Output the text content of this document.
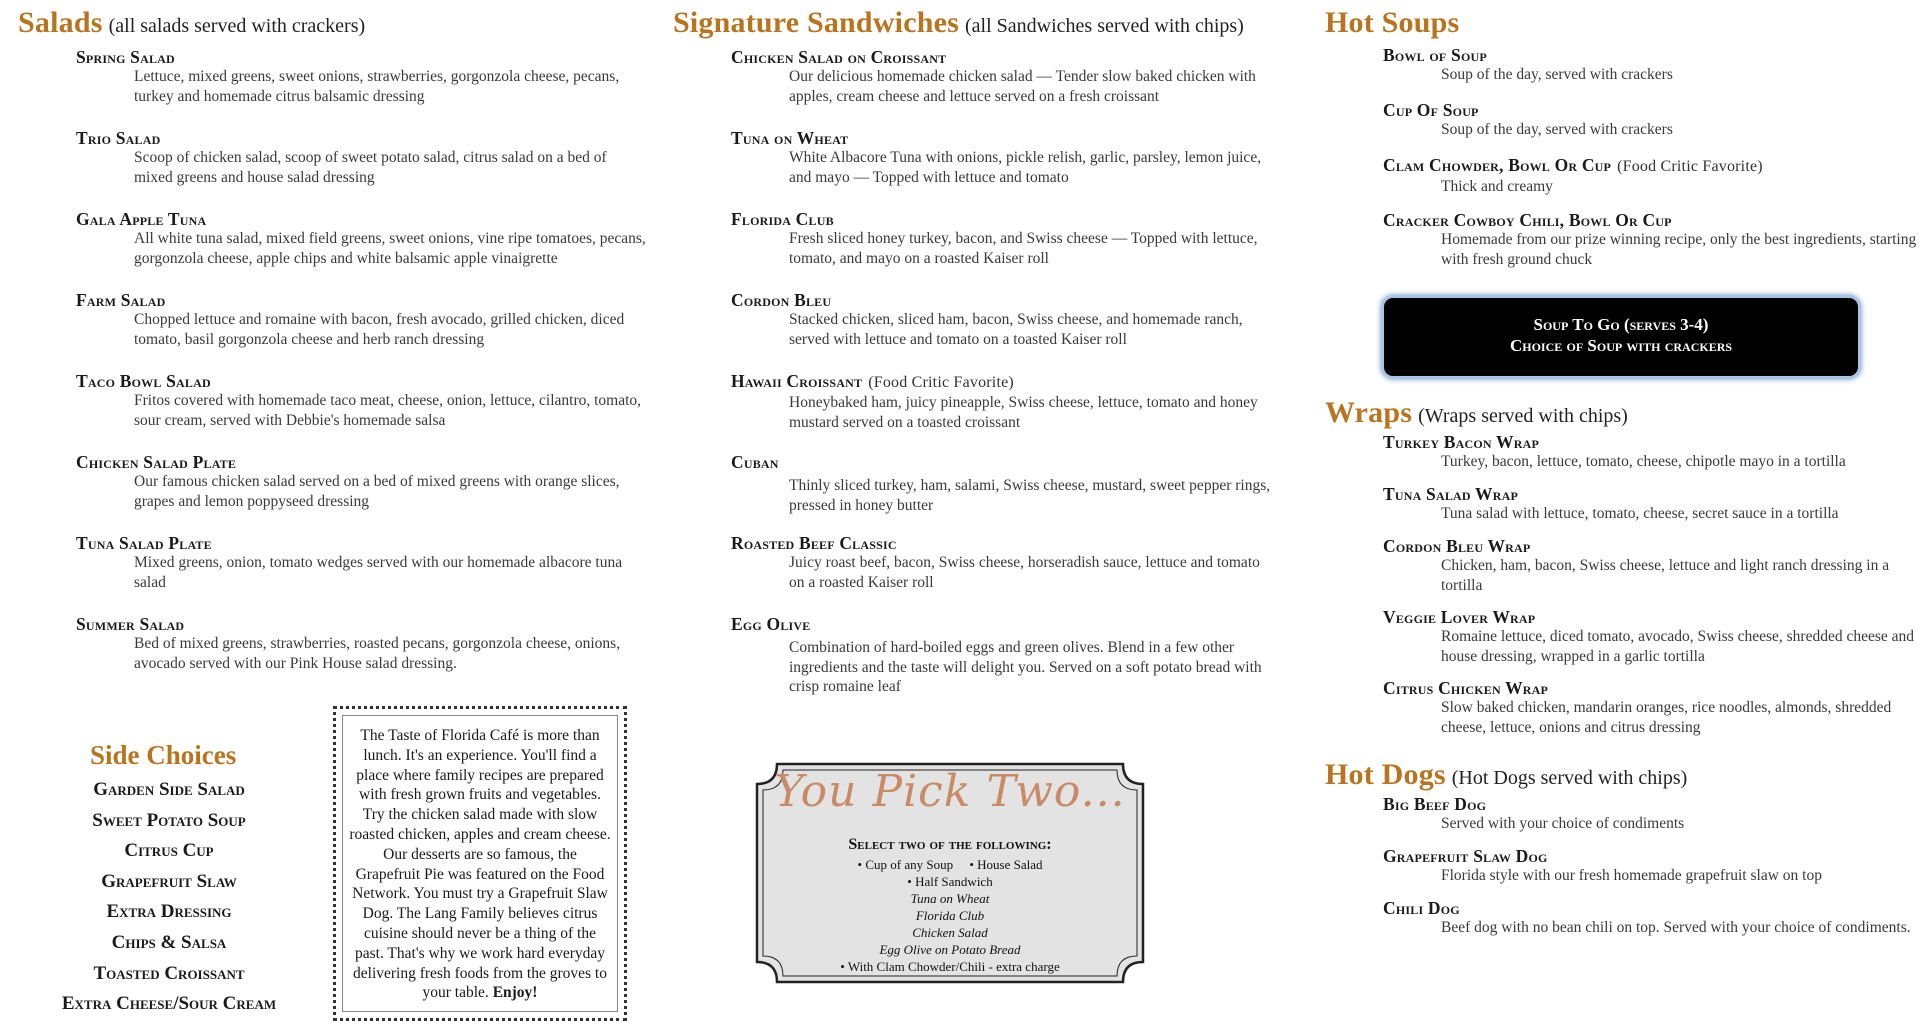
Salads (all salads served with crackers)
Spring Salad
Lettuce, mixed greens, sweet onions, strawberries, gorgonzola cheese, pecans, turkey and homemade citrus balsamic dressing
Trio Salad
Scoop of chicken salad, scoop of sweet potato salad, citrus salad on a bed of mixed greens and house salad dressing
Gala Apple Tuna
All white tuna salad, mixed field greens, sweet onions, vine ripe tomatoes, pecans, gorgonzola cheese, apple chips and white balsamic apple vinaigrette
Farm Salad
Chopped lettuce and romaine with bacon, fresh avocado, grilled chicken, diced tomato, basil gorgonzola cheese and herb ranch dressing
Taco Bowl Salad
Fritos covered with homemade taco meat, cheese, onion, lettuce, cilantro, tomato, sour cream, served with Debbie's homemade salsa
Chicken Salad Plate
Our famous chicken salad served on a bed of mixed greens with orange slices, grapes and lemon poppyseed dressing
Tuna Salad Plate
Mixed greens, onion, tomato wedges served with our homemade albacore tuna salad
Summer Salad
Bed of mixed greens, strawberries, roasted pecans, gorgonzola cheese, onions, avocado served with our Pink House salad dressing.
Side Choices
Garden Side Salad
Sweet Potato Soup
Citrus Cup
Grapefruit Slaw
Extra Dressing
Chips & Salsa
Toasted Croissant
Extra Cheese/Sour Cream
The Taste of Florida Café is more than lunch. It's an experience. You'll find a place where family recipes are prepared with fresh grown fruits and vegetables. Try the chicken salad made with slow roasted chicken, apples and cream cheese. Our desserts are so famous, the Grapefruit Pie was featured on the Food Network. You must try a Grapefruit Slaw Dog. The Lang Family believes citrus cuisine should never be a thing of the past. That's why we work hard everyday delivering fresh foods from the groves to your table. Enjoy!
Signature Sandwiches (all Sandwiches served with chips)
Chicken Salad on Croissant
Our delicious homemade chicken salad –– Tender slow baked chicken with apples, cream cheese and lettuce served on a fresh croissant
Tuna on Wheat
White Albacore Tuna with onions, pickle relish, garlic, parsley, lemon juice, and mayo –– Topped with lettuce and tomato
Florida Club
Fresh sliced honey turkey, bacon, and Swiss cheese –– Topped with lettuce, tomato, and mayo on a roasted Kaiser roll
Cordon Bleu
Stacked chicken, sliced ham, bacon, Swiss cheese, and homemade ranch, served with lettuce and tomato on a toasted Kaiser roll
Hawaii Croissant (Food Critic Favorite)
Honeybaked ham, juicy pineapple, Swiss cheese, lettuce, tomato and honey mustard served on a toasted croissant
Cuban
Thinly sliced turkey, ham, salami, Swiss cheese, mustard, sweet pepper rings, pressed in honey butter
Roasted Beef Classic
Juicy roast beef, bacon, Swiss cheese, horseradish sauce, lettuce and tomato on a roasted Kaiser roll
Egg Olive
Combination of hard-boiled eggs and green olives. Blend in a few other ingredients and the taste will delight you. Served on a soft potato bread with crisp romaine leaf
You Pick Two...
Select two of the following:
• Cup of any Soup     • House Salad
• Half Sandwich
Tuna on Wheat
Florida Club
Chicken Salad
Egg Olive on Potato Bread
• With Clam Chowder/Chili - extra charge
Hot Soups
Bowl of Soup
Soup of the day, served with crackers
Cup Of Soup
Soup of the day, served with crackers
Clam Chowder, Bowl Or Cup (Food Critic Favorite)
Thick and creamy
Cracker Cowboy Chili, Bowl Or Cup
Homemade from our prize winning recipe, only the best ingredients, starting with fresh ground chuck
Soup To Go (serves 3-4)
Choice of Soup with crackers
Wraps (Wraps served with chips)
Turkey Bacon Wrap
Turkey, bacon, lettuce, tomato, cheese, chipotle mayo in a tortilla
Tuna Salad Wrap
Tuna salad with lettuce, tomato, cheese, secret sauce in a tortilla
Cordon Bleu Wrap
Chicken, ham, bacon, Swiss cheese, lettuce and light ranch dressing in a tortilla
Veggie Lover Wrap
Romaine lettuce, diced tomato, avocado, Swiss cheese, shredded cheese and house dressing, wrapped in a garlic tortilla
Citrus Chicken Wrap
Slow baked chicken, mandarin oranges, rice noodles, almonds, shredded cheese, lettuce, onions and citrus dressing
Hot Dogs (Hot Dogs served with chips)
Big Beef Dog
Served with your choice of condiments
Grapefruit Slaw Dog
Florida style with our fresh homemade grapefruit slaw on top
Chili Dog
Beef dog with no bean chili on top. Served with your choice of condiments.
